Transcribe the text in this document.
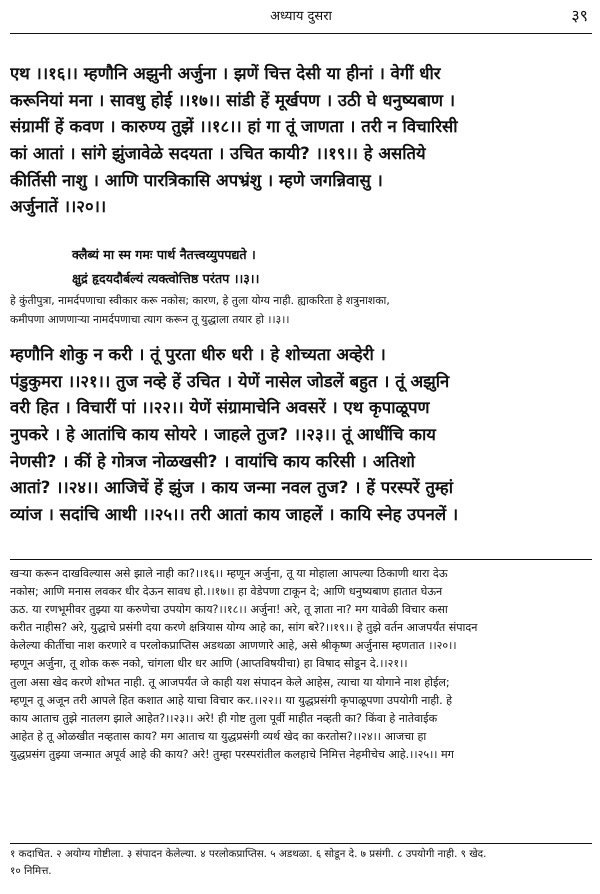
अध्याय दुसरा	३९
एथ ।।१६।। म्हणौनि अझुनी अर्जुना । झणें चित्त देसी या हीनां । वेगीं धीर
करूनियां मना । सावधु होई ।।१७।। सांडी हें मूर्खपण । उठी घे धनुष्यबाण ।
संग्रामीं हें कवण । कारुण्य तुझें ।।१८।। हां गा तूं जाणता । तरी न विचारिसी
कां आतां । सांगे झुंजावेळे सदयता । उचित कायी? ।।१९।। हे असतिये
कीर्तिसी नाशु । आणि पारत्रिकासि अपभ्रंशु । म्हणे जगन्निवासु ।
अर्जुनातें ।।२०।।
क्लैब्यं मा स्म गमः पार्थ नैतत्त्वय्युपपद्यते ।
क्षुद्रं हृदयदौर्बल्यं त्यक्त्वोत्तिष्ठ परंतप ।।३।।
हे कुंतीपुत्रा, नामर्दपणाचा स्वीकार करू नकोस; कारण, हे तुला योग्य नाही. ह्याकरिता हे शत्रुनाशका,
कमीपणा आणणाऱ्या नामर्दपणाचा त्याग करून तू युद्धाला तयार हो ।।३।।
म्हणौनि शोकु न करी । तूं पुरता धीरु धरी । हे शोच्यता अव्हेरी ।
पंडुकुमरा ।।२१।। तुज नव्हे हें उचित । येणें नासेल जोडलें बहुत । तूं अझुनि
वरी हित । विचारीं पां ।।२२।। येणें संग्रामाचेनि अवसरें । एथ कृपाळूपण
नुपकरे । हे आतांचि काय सोयरे । जाहले तुज? ।।२३।। तूं आधींचि काय
नेणसी? । कीं हे गोत्रज नोळखसी? । वायांचि काय करिसी । अतिशो
आतां? ।।२४।। आजिचें हें झुंज । काय जन्मा नवल तुज? । हें परस्परें तुम्हां
व्यांज । सदांचि आथी ।।२५।। तरी आतां काय जाहलें । कायि स्नेह उपनलें ।
खऱ्या करून दाखविल्यास असे झाले नाही का?।।१६।। म्हणून अर्जुना, तू या मोहाला आपल्या ठिकाणी थारा देऊ
नकोस; आणि मनास लवकर धीर देऊन सावध हो.।।१७।। हा वेडेपणा टाकून दे; आणि धनुष्यबाण हातात घेऊन
ऊठ. या रणभूमीवर तुझ्या या करुणेचा उपयोग काय?।।१८।। अर्जुना! अरे, तू ज्ञाता ना? मग यावेळी विचार कसा
करीत नाहीस? अरे, युद्धाचे प्रसंगी दया करणे क्षत्रियास योग्य आहे का, सांग बरे?।।१९।। हे तुझे वर्तन आजपर्यंत संपादन
केलेल्या कीर्तीचा नाश करणारे व परलोकप्राप्तिस अडथळा आणणारे आहे, असे श्रीकृष्ण अर्जुनास म्हणतात ।।२०।।
म्हणून अर्जुना, तू शोक करू नको, चांगला धीर धर आणि (आप्तविषयीचा) हा विषाद सोडून दे.।।२१।।
तुला असा खेद करणे शोभत नाही. तू आजपर्यंत जे काही यश संपादन केले आहेस, त्याचा या योगाने नाश होईल;
म्हणून तू अजून तरी आपले हित कशात आहे याचा विचार कर.।।२२।। या युद्धप्रसंगी कृपाळूपणा उपयोगी नाही. हे
काय आताच तुझे नातलग झाले आहेत?।।२३।। अरे! ही गोष्ट तुला पूर्वी माहीत नव्हती का? किंवा हे नातेवाईक
आहेत हे तू ओळखीत नव्हतास काय? मग आताच या युद्धप्रसंगी व्यर्थ खेद का करतोस?।।२४।। आजचा हा
युद्धप्रसंग तुझ्या जन्मात अपूर्व आहे की काय? अरे! तुम्हा परस्परांतील कलहाचे निमित्त नेहमीचेच आहे.।।२५।। मग
१ कदाचित. २ अयोग्य गोष्टीला. ३ संपादन केलेल्या. ४ परलोकप्राप्तिस. ५ अडथळा. ६ सोडून दे. ७ प्रसंगी. ८ उपयोगी नाही. ९ खेद.
१० निमित्त.
